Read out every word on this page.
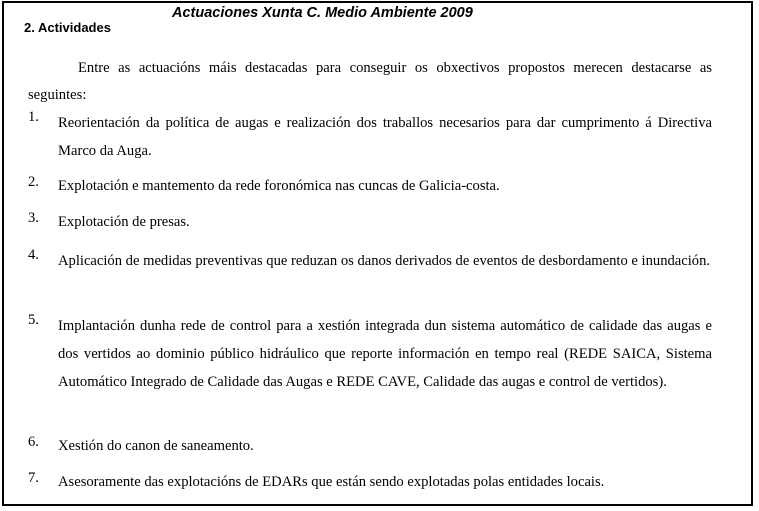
Actuaciones Xunta C. Medio Ambiente 2009
2. Actividades
Entre as actuacións máis destacadas para conseguir os obxectivos propostos merecen destacarse as seguintes:
1. Reorientación da política de augas e realización dos traballos necesarios para dar cumprimento á Directiva Marco da Auga.
2. Explotación e mantemento da rede foronómica nas cuncas de Galicia-costa.
3. Explotación de presas.
4. Aplicación de medidas preventivas que reduzan os danos derivados de eventos de desbordamento e inundación.
5. Implantación dunha rede de control para a xestión integrada dun sistema automático de calidade das augas e dos vertidos ao dominio público hidráulico que reporte información en tempo real (REDE SAICA, Sistema Automático Integrado de Calidade das Augas e REDE CAVE, Calidade das augas e control de vertidos).
6. Xestión do canon de saneamento.
7. Asesoramente das explotacións de EDARs que están sendo explotadas polas entidades locais.
